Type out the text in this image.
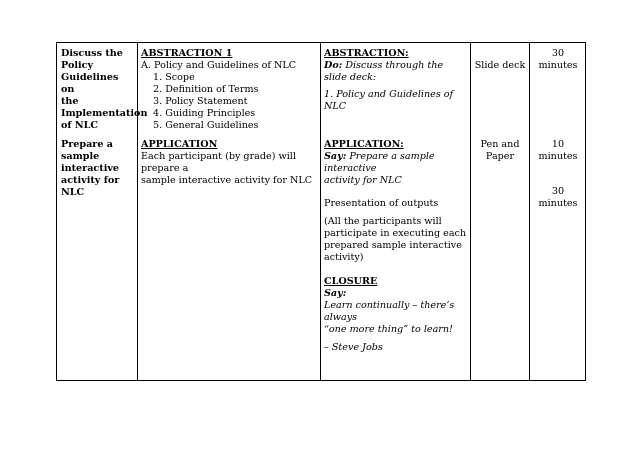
Discuss the
Policy
Guidelines on
the
Implementation
of NLC
ABSTRACTION 1
A. Policy and Guidelines of NLC
1. Scope
2. Definition of Terms
3. Policy Statement
4. Guiding Principles
5. General Guidelines
ABSTRACTION:
Do: Discuss through the slide deck:
1. Policy and Guidelines of NLC
Slide deck
30
minutes
Prepare a
sample
interactive
activity for NLC
APPLICATION
Each participant (by grade) will prepare a
sample interactive activity for NLC
APPLICATION:
Say: Prepare a sample interactive
activity for NLC
Presentation of outputs
(All the participants will
participate in executing each
prepared sample interactive
activity)
CLOSURE
Say:
Learn continually – there’s always
“one more thing” to learn!
– Steve Jobs
Pen and
Paper
10
minutes
30
minutes
